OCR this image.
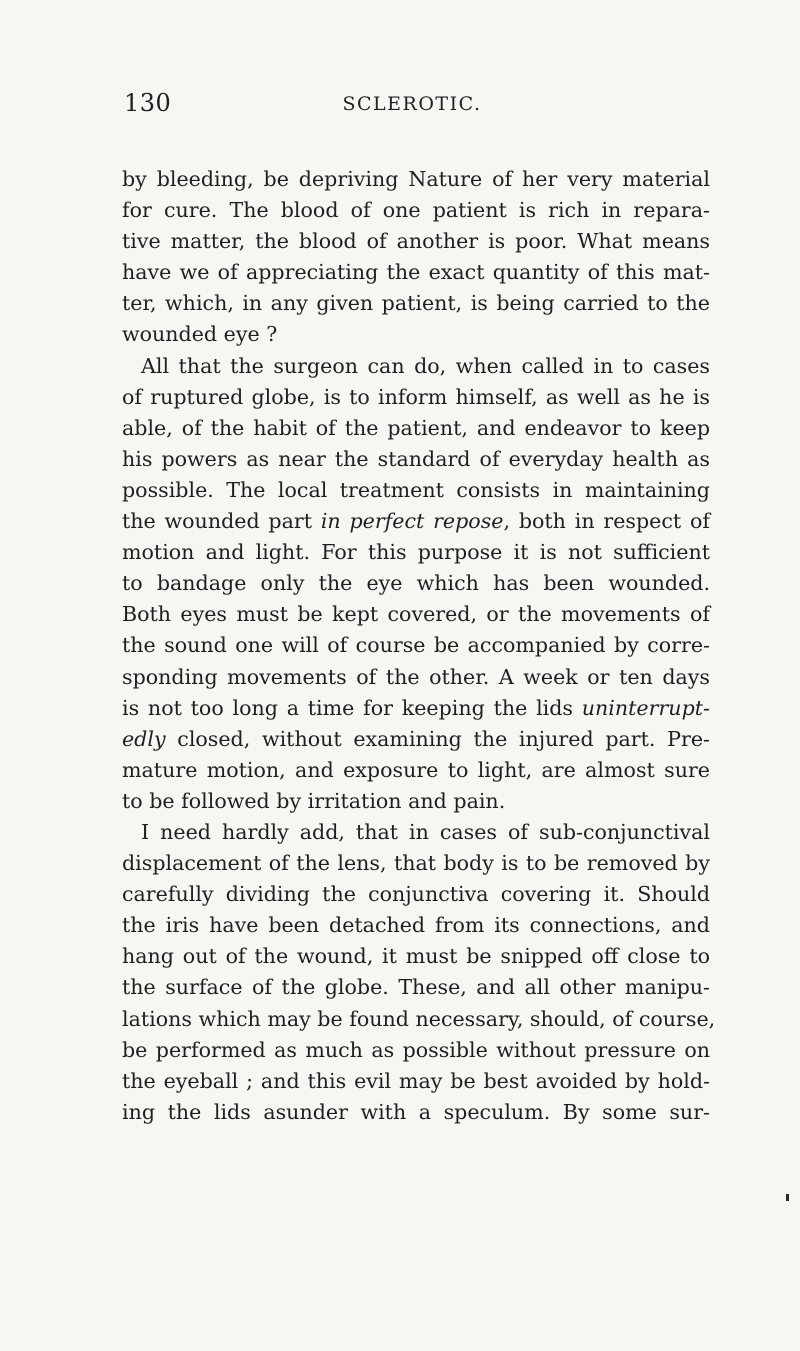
130	SCLEROTIC.
by bleeding, be depriving Nature of her very material
for cure. The blood of one patient is rich in repara-
tive matter, the blood of another is poor. What means
have we of appreciating the exact quantity of this mat-
ter, which, in any given patient, is being carried to the
wounded eye ?
All that the surgeon can do, when called in to cases
of ruptured globe, is to inform himself, as well as he is
able, of the habit of the patient, and endeavor to keep
his powers as near the standard of everyday health as
possible. The local treatment consists in maintaining
the wounded part in perfect repose, both in respect of
motion and light. For this purpose it is not sufficient
to bandage only the eye which has been wounded.
Both eyes must be kept covered, or the movements of
the sound one will of course be accompanied by corre-
sponding movements of the other. A week or ten days
is not too long a time for keeping the lids uninterrupt-
edly closed, without examining the injured part. Pre-
mature motion, and exposure to light, are almost sure
to be followed by irritation and pain.
I need hardly add, that in cases of sub-conjunctival
displacement of the lens, that body is to be removed by
carefully dividing the conjunctiva covering it. Should
the iris have been detached from its connections, and
hang out of the wound, it must be snipped off close to
the surface of the globe. These, and all other manipu-
lations which may be found necessary, should, of course,
be performed as much as possible without pressure on
the eyeball ; and this evil may be best avoided by hold-
ing the lids asunder with a speculum. By some sur-
